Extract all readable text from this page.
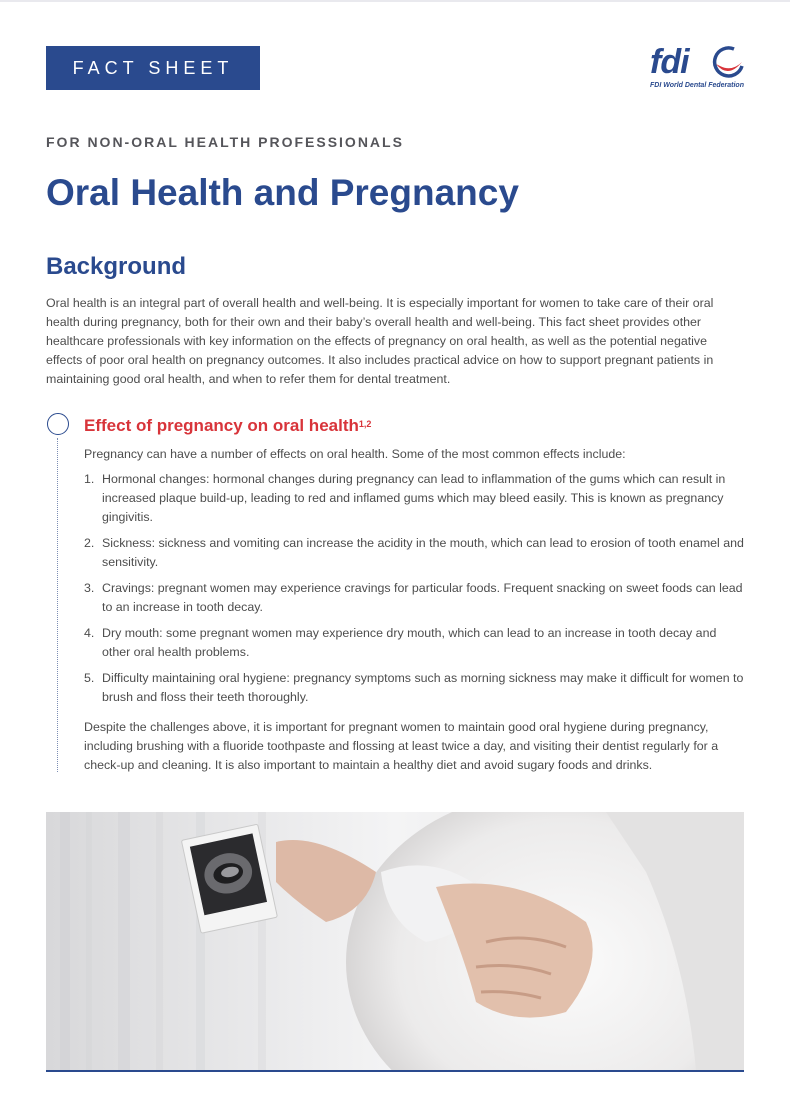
FACT SHEET	fdi
FDI World Dental Federation
FOR NON-ORAL HEALTH PROFESSIONALS
Oral Health and Pregnancy
Background

Oral health is an integral part of overall health and well-being. It is especially important for women to take care of their oral health during pregnancy, both for their own and their baby’s overall health and well-being. This fact sheet provides other healthcare professionals with key information on the effects of pregnancy on oral health, as well as the potential negative effects of poor oral health on pregnancy outcomes. It also includes practical advice on how to support pregnant patients in maintaining good oral health, and when to refer them for dental treatment.

Effect of pregnancy on oral health$^{1,2}$

Pregnancy can have a number of effects on oral health. Some of the most common effects include:

1. Hormonal changes: hormonal changes during pregnancy can lead to inflammation of the gums which can result in increased plaque build-up, leading to red and inflamed gums which may bleed easily. This is known as pregnancy gingivitis.
2. Sickness: sickness and vomiting can increase the acidity in the mouth, which can lead to erosion of tooth enamel and sensitivity.
3. Cravings: pregnant women may experience cravings for particular foods. Frequent snacking on sweet foods can lead to an increase in tooth decay.
4. Dry mouth: some pregnant women may experience dry mouth, which can lead to an increase in tooth decay and other oral health problems.
5. Difficulty maintaining oral hygiene: pregnancy symptoms such as morning sickness may make it difficult for women to brush and floss their teeth thoroughly.

Despite the challenges above, it is important for pregnant women to maintain good oral hygiene during pregnancy, including brushing with a fluoride toothpaste and flossing at least twice a day, and visiting their dentist regularly for a check-up and cleaning. It is also important to maintain a healthy diet and avoid sugary foods and drinks.
